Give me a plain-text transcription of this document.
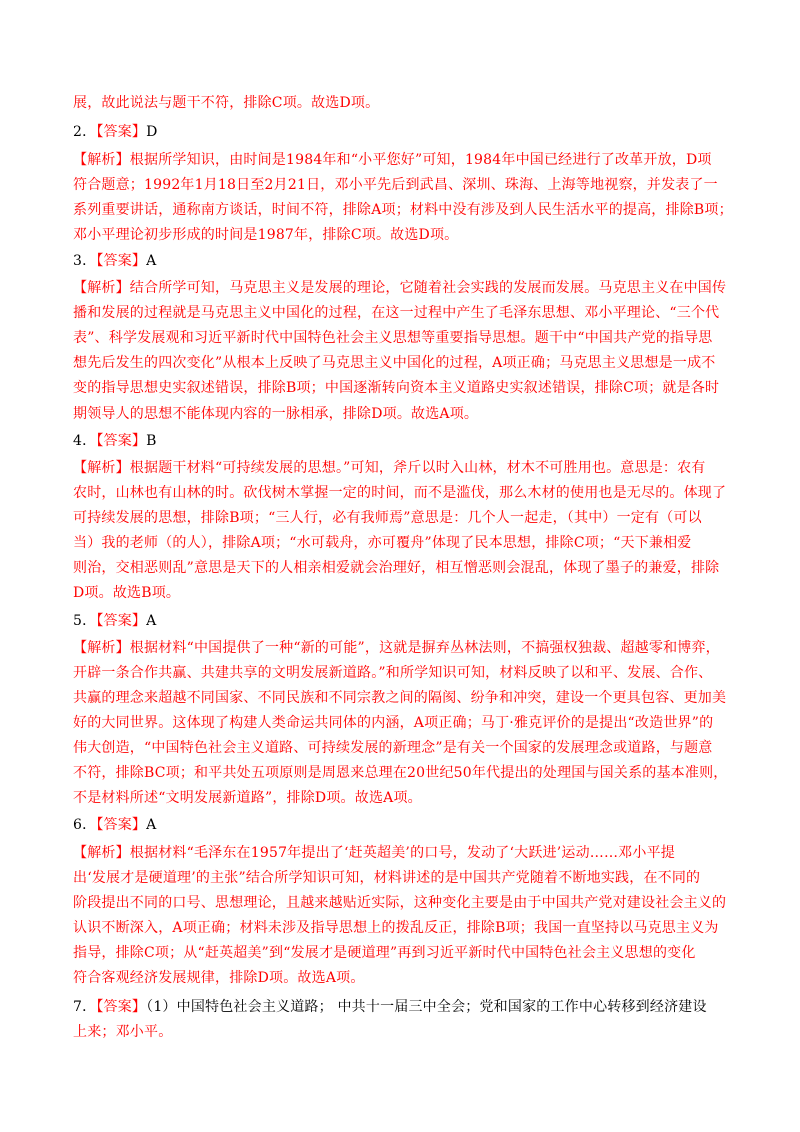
展，故此说法与题干不符，排除C项。故选D项。
2．【答案】D
【解析】根据所学知识，由时间是1984年和“小平您好”可知，1984年中国已经进行了改革开放，D项
符合题意；1992年1月18日至2月21日，邓小平先后到武昌、深圳、珠海、上海等地视察，并发表了一
系列重要讲话，通称南方谈话，时间不符，排除A项；材料中没有涉及到人民生活水平的提高，排除B项；
邓小平理论初步形成的时间是1987年，排除C项。故选D项。
3．【答案】A
【解析】结合所学可知，马克思主义是发展的理论，它随着社会实践的发展而发展。马克思主义在中国传
播和发展的过程就是马克思主义中国化的过程，在这一过程中产生了毛泽东思想、邓小平理论、“三个代
表”、科学发展观和习近平新时代中国特色社会主义思想等重要指导思想。题干中“中国共产党的指导思
想先后发生的四次变化”从根本上反映了马克思主义中国化的过程，A项正确；马克思主义思想是一成不
变的指导思想史实叙述错误，排除B项；中国逐渐转向资本主义道路史实叙述错误，排除C项；就是各时
期领导人的思想不能体现内容的一脉相承，排除D项。故选A项。
4．【答案】B
【解析】根据题干材料“可持续发展的思想。”可知，斧斤以时入山林，材木不可胜用也。意思是：农有
农时，山林也有山林的时。砍伐树木掌握一定的时间，而不是滥伐，那么木材的使用也是无尽的。体现了
可持续发展的思想，排除B项；“三人行，必有我师焉”意思是：几个人一起走，（其中）一定有（可以
当）我的老师（的人），排除A项；“水可载舟，亦可覆舟”体现了民本思想，排除C项；“天下兼相爱
则治，交相恶则乱”意思是天下的人相亲相爱就会治理好，相互憎恶则会混乱，体现了墨子的兼爱，排除
D项。故选B项。
5．【答案】A
【解析】根据材料“中国提供了一种“新的可能”，这就是摒弃丛林法则，不搞强权独裁、超越零和博弈，
开辟一条合作共赢、共建共享的文明发展新道路。”和所学知识可知，材料反映了以和平、发展、合作、
共赢的理念来超越不同国家、不同民族和不同宗教之间的隔阂、纷争和冲突，建设一个更具包容、更加美
好的大同世界。这体现了构建人类命运共同体的内涵，A项正确；马丁·雅克评价的是提出“改造世界”的
伟大创造，“中国特色社会主义道路、可持续发展的新理念”是有关一个国家的发展理念或道路，与题意
不符，排除BC项；和平共处五项原则是周恩来总理在20世纪50年代提出的处理国与国关系的基本准则，
不是材料所述“文明发展新道路”，排除D项。故选A项。
6．【答案】A
【解析】根据材料“毛泽东在1957年提出了‘赶英超美’的口号，发动了‘大跃进’运动……邓小平提
出‘发展才是硬道理’的主张”结合所学知识可知，材料讲述的是中国共产党随着不断地实践，在不同的
阶段提出不同的口号、思想理论，且越来越贴近实际，这种变化主要是由于中国共产党对建设社会主义的
认识不断深入，A项正确；材料未涉及指导思想上的拨乱反正，排除B项；我国一直坚持以马克思主义为
指导，排除C项；从“赶英超美”到“发展才是硬道理”再到习近平新时代中国特色社会主义思想的变化
符合客观经济发展规律，排除D项。故选A项。
7．【答案】（1）中国特色社会主义道路； 中共十一届三中全会；党和国家的工作中心转移到经济建设
上来；邓小平。
